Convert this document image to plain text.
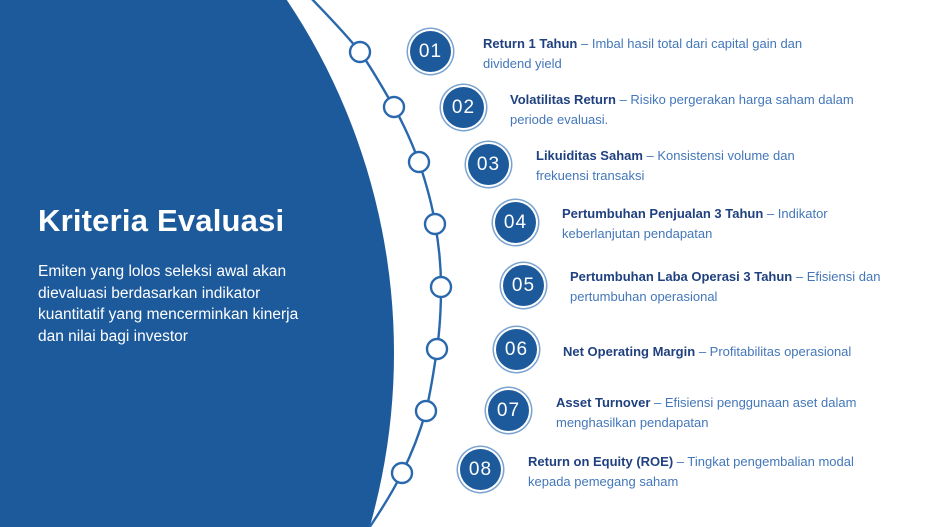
Kriteria Evaluasi
Emiten yang lolos seleksi awal akan
dievaluasi berdasarkan indikator
kuantitatif yang mencerminkan kinerja
dan nilai bagi investor
01	Return 1 Tahun – Imbal hasil total dari capital gain dan dividend yield
02	Volatilitas Return – Risiko pergerakan harga saham dalam periode evaluasi.
03	Likuiditas Saham – Konsistensi volume dan frekuensi transaksi
04	Pertumbuhan Penjualan 3 Tahun – Indikator keberlanjutan pendapatan
05	Pertumbuhan Laba Operasi 3 Tahun – Efisiensi dan pertumbuhan operasional
06	Net Operating Margin – Profitabilitas operasional
07	Asset Turnover – Efisiensi penggunaan aset dalam menghasilkan pendapatan
08	Return on Equity (ROE) – Tingkat pengembalian modal kepada pemegang saham
